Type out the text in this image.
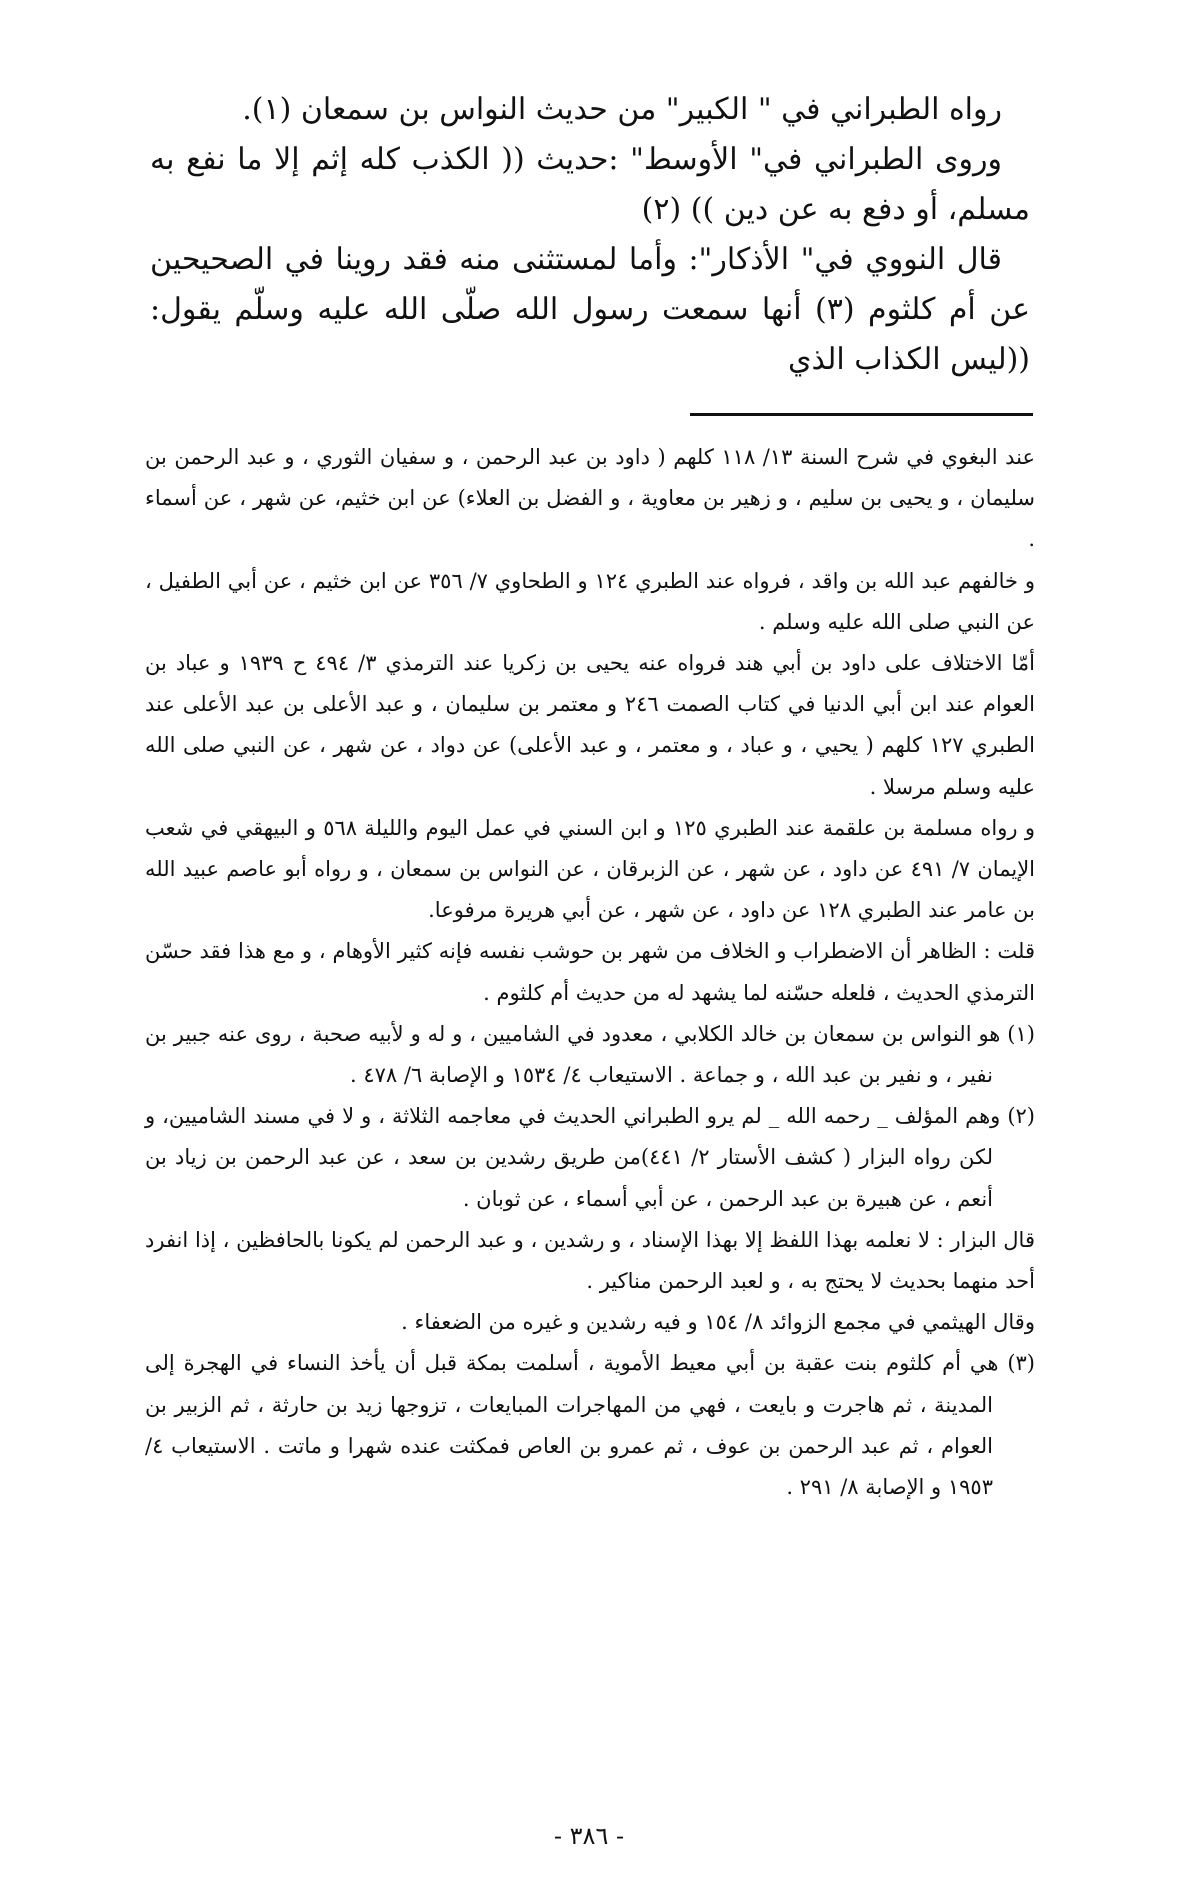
رواه الطبراني في " الكبير" من حديث النواس بن سمعان (١).

وروى الطبراني في" الأوسط" :حديث (( الكذب كله إثم إلا ما نفع به مسلم، أو دفع به عن دين )) (٢)

قال النووي في" الأذكار": وأما لمستثنى منه فقد روينا في الصحيحين عن أم كلثوم (٣) أنها سمعت رسول الله صلّى الله عليه وسلّم يقول:((ليس الكذاب الذي

عند البغوي في شرح السنة ١٣/ ١١٨ كلهم ( داود بن عبد الرحمن ، و سفيان الثوري ، و عبد الرحمن بن سليمان ، و يحيى بن سليم ، و زهير بن معاوية ، و الفضل بن العلاء) عن ابن خثيم، عن شهر ، عن أسماء .

و خالفهم عبد الله بن واقد ، فرواه عند الطبري ١٢٤ و الطحاوي ٧/ ٣٥٦ عن ابن خثيم ، عن أبي الطفيل ، عن النبي صلى الله عليه وسلم .

أمّا الاختلاف على داود بن أبي هند فرواه عنه يحيى بن زكريا عند الترمذي ٣/ ٤٩٤ ح ١٩٣٩ و عباد بن العوام عند ابن أبي الدنيا في كتاب الصمت ٢٤٦ و معتمر بن سليمان ، و عبد الأعلى بن عبد الأعلى عند الطبري ١٢٧ كلهم ( يحيي ، و عباد ، و معتمر ، و عبد الأعلى) عن دواد ، عن شهر ، عن النبي صلى الله عليه وسلم مرسلا .

و رواه مسلمة بن علقمة عند الطبري ١٢٥ و ابن السني في عمل اليوم والليلة ٥٦٨ و البيهقي في شعب الإيمان ٧/ ٤٩١ عن داود ، عن شهر ، عن الزبرقان ، عن النواس بن سمعان ، و رواه أبو عاصم عبيد الله بن عامر عند الطبري ١٢٨ عن داود ، عن شهر ، عن أبي هريرة مرفوعا.

قلت : الظاهر أن الاضطراب و الخلاف من شهر بن حوشب نفسه فإنه كثير الأوهام ، و مع هذا فقد حسّن الترمذي الحديث ، فلعله حسّنه لما يشهد له من حديث أم كلثوم .

(١) هو النواس بن سمعان بن خالد الكلابي ، معدود في الشاميين ، و له و لأبيه صحبة ، روى عنه جبير بن نفير ، و نفير بن عبد الله ، و جماعة . الاستيعاب ٤/ ١٥٣٤ و الإصابة ٦/ ٤٧٨ .

(٢) وهم المؤلف _ رحمه الله _ لم يرو الطبراني الحديث في معاجمه الثلاثة ، و لا في مسند الشاميين، و لكن رواه البزار ( كشف الأستار ٢/ ٤٤١)من طريق رشدين بن سعد ، عن عبد الرحمن بن زياد بن أنعم ، عن هبيرة بن عبد الرحمن ، عن أبي أسماء ، عن ثوبان .

قال البزار : لا نعلمه بهذا اللفظ إلا بهذا الإسناد ، و رشدين ، و عبد الرحمن لم يكونا بالحافظين ، إذا انفرد أحد منهما بحديث لا يحتج به ، و لعبد الرحمن مناكير .

وقال الهيثمي في مجمع الزوائد ٨/ ١٥٤ و فيه رشدين و غيره من الضعفاء .

(٣) هي أم كلثوم بنت عقبة بن أبي معيط الأموية ، أسلمت بمكة قبل أن يأخذ النساء في الهجرة إلى المدينة ، ثم هاجرت و بايعت ، فهي من المهاجرات المبايعات ، تزوجها زيد بن حارثة ، ثم الزبير بن العوام ، ثم عبد الرحمن بن عوف ، ثم عمرو بن العاص فمكثت عنده شهرا و ماتت . الاستيعاب ٤/ ١٩٥٣ و الإصابة ٨/ ٢٩١ .

- ٣٨٦ -
